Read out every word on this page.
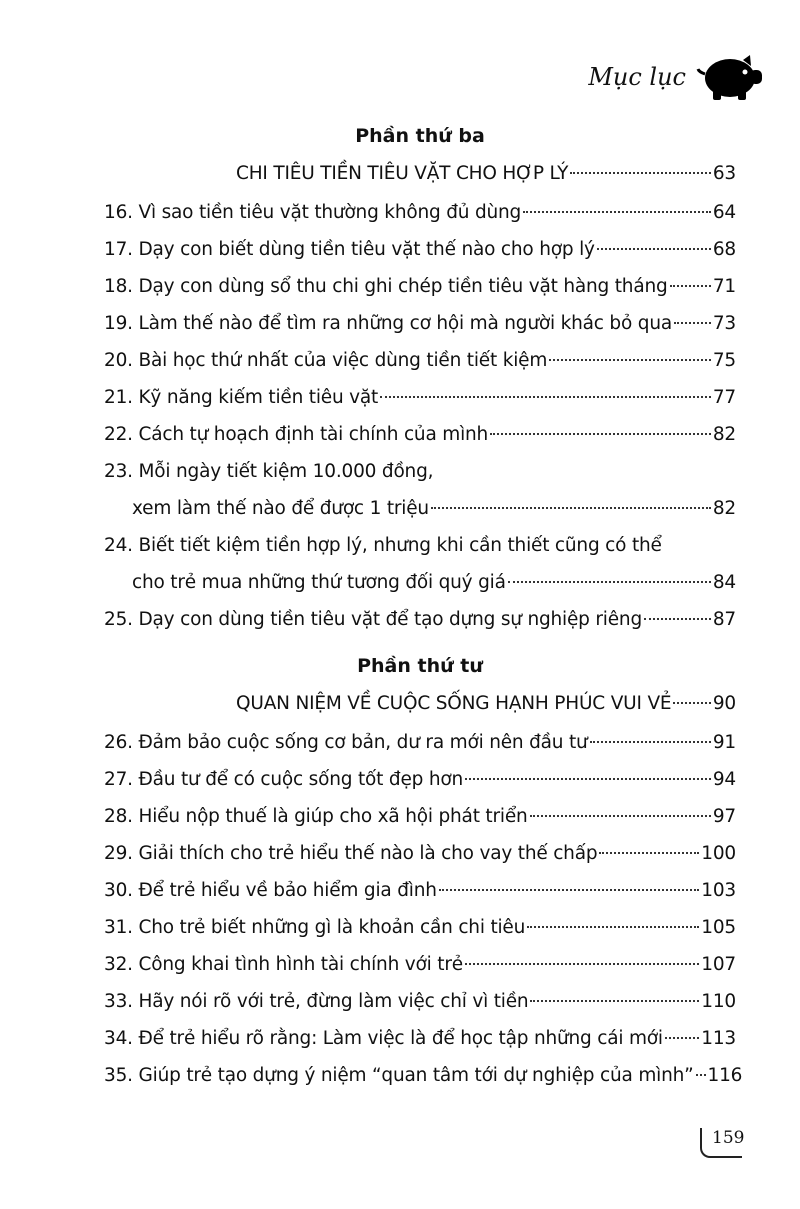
Mục lục
Phần thứ ba
CHI TIÊU TIỀN TIÊU VẶT CHO HỢP LÝ	63
16. Vì sao tiền tiêu vặt thường không đủ dùng	64
17. Dạy con biết dùng tiền tiêu vặt thế nào cho hợp lý	68
18. Dạy con dùng sổ thu chi ghi chép tiền tiêu vặt hàng tháng 71
19. Làm thế nào để tìm ra những cơ hội mà người khác bỏ qua 73
20. Bài học thứ nhất của việc dùng tiền tiết kiệm	75
21. Kỹ năng kiếm tiền tiêu vặt	77
22. Cách tự hoạch định tài chính của mình	82
23. Mỗi ngày tiết kiệm 10.000 đồng,
xem làm thế nào để được 1 triệu	82
24. Biết tiết kiệm tiền hợp lý, nhưng khi cần thiết cũng có thể
cho trẻ mua những thứ tương đối quý giá	84
25. Dạy con dùng tiền tiêu vặt để tạo dựng sự nghiệp riêng	87
Phần thứ tư
QUAN NIỆM VỀ CUỘC SỐNG HẠNH PHÚC VUI VẺ 90
26. Đảm bảo cuộc sống cơ bản, dư ra mới nên đầu tư	91
27. Đầu tư để có cuộc sống tốt đẹp hơn	94
28. Hiểu nộp thuế là giúp cho xã hội phát triển	97
29. Giải thích cho trẻ hiểu thế nào là cho vay thế chấp	100
30. Để trẻ hiểu về bảo hiểm gia đình	103
31. Cho trẻ biết những gì là khoản cần chi tiêu	105
32. Công khai tình hình tài chính với trẻ	107
33. Hãy nói rõ với trẻ, đừng làm việc chỉ vì tiền	110
34. Để trẻ hiểu rõ rằng: Làm việc là để học tập những cái mới 113
35. Giúp trẻ tạo dựng ý niệm “quan tâm tới dự nghiệp của mình” 116
159
